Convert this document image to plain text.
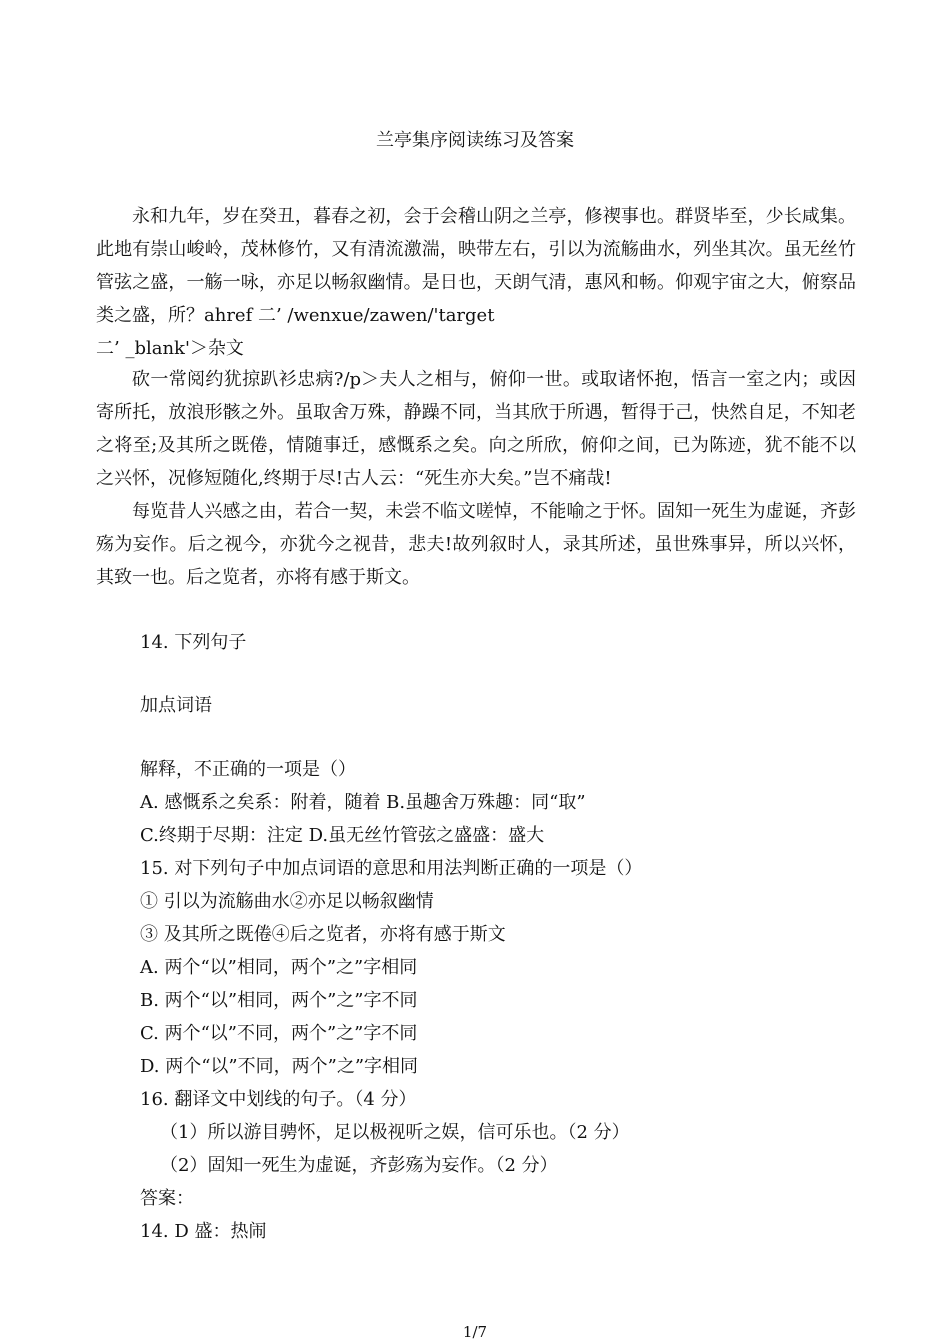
兰亭集序阅读练习及答案

永和九年，岁在癸丑，暮春之初，会于会稽山阴之兰亭，修禊事也。群贤毕至，少长咸集。此地有崇山峻岭，茂林修竹，又有清流激湍，映带左右，引以为流觞曲水，列坐其次。虽无丝竹管弦之盛，一觞一咏，亦足以畅叙幽情。是日也，天朗气清，惠风和畅。仰观宇宙之大，俯察品类之盛，所？ahref 二’ /wenxue/zawen/'target

二’ _blank'＞杂文

砍一常阅约犹掠趴衫忠病?/p＞夫人之相与，俯仰一世。或取诸怀抱，悟言一室之内；或因寄所托，放浪形骸之外。虽取舍万殊，静躁不同，当其欣于所遇，暂得于己，快然自足，不知老之将至;及其所之既倦，情随事迁，感慨系之矣。向之所欣，俯仰之间，已为陈迹，犹不能不以之兴怀，况修短随化,终期于尽!古人云：“死生亦大矣。”岂不痛哉!

每览昔人兴感之由，若合一契，未尝不临文嗟悼，不能喻之于怀。固知一死生为虚诞，齐彭殇为妄作。后之视今，亦犹今之视昔，悲夫!故列叙时人，录其所述，虽世殊事异，所以兴怀，其致一也。后之览者，亦将有感于斯文。

14. 下列句子

加点词语

解释，不正确的一项是（）

A. 感慨系之矣系：附着，随着 B.虽趣舍万殊趣：同“取”

C.终期于尽期：注定 D.虽无丝竹管弦之盛盛：盛大

15. 对下列句子中加点词语的意思和用法判断正确的一项是（）

① 引以为流觞曲水②亦足以畅叙幽情

③ 及其所之既倦④后之览者，亦将有感于斯文

A. 两个“以”相同，两个”之”字相同

B. 两个“以”相同，两个”之”字不同

C. 两个“以”不同，两个”之”字不同

D. 两个“以”不同，两个”之”字相同

16. 翻译文中划线的句子。（4 分）

（1）所以游目骋怀，足以极视听之娱，信可乐也。（2 分）

（2）固知一死生为虚诞，齐彭殇为妄作。（2 分）

答案：

14. D 盛：热闹

1/7
